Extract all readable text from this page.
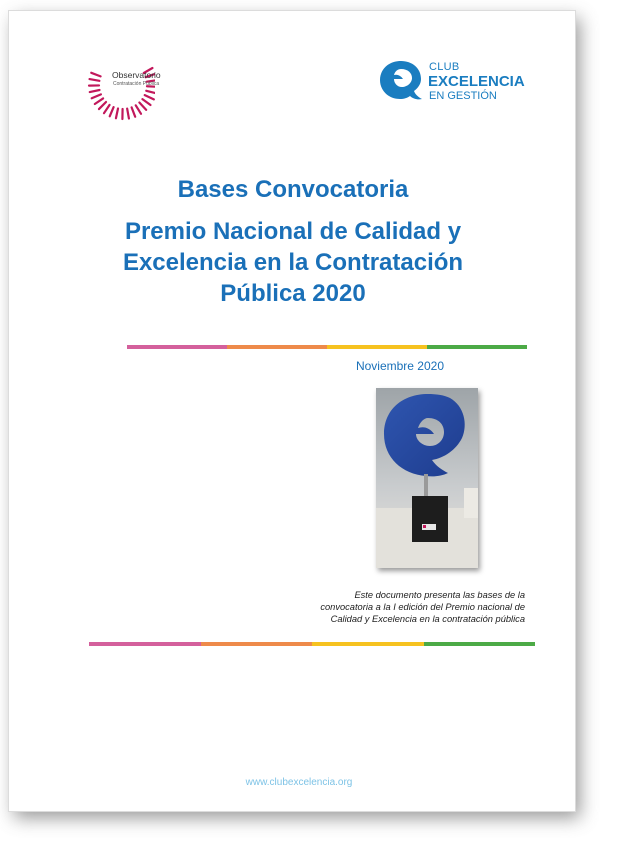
Observatorio
Contratación Pública
CLUB
EXCELENCIA
EN GESTIÓN
Bases Convocatoria
Premio Nacional de Calidad y
Excelencia en la Contratación
Pública 2020
Noviembre 2020
Este documento presenta las bases de la
convocatoria a la I edición del Premio nacional de
Calidad y Excelencia en la contratación pública
www.clubexcelencia.org
